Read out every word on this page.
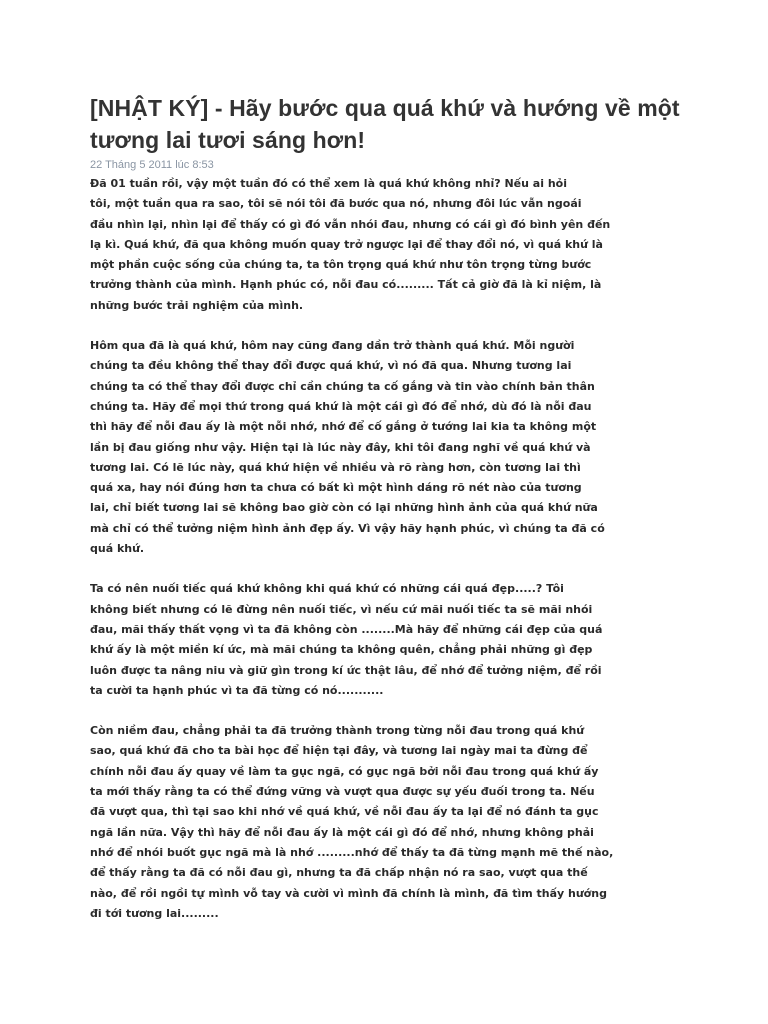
[NHẬT KÝ] - Hãy bước qua quá khứ và hướng về một tương lai tươi sáng hơn!
22 Tháng 5 2011 lúc 8:53

Đã 01 tuần rồi, vậy một tuần đó có thể xem là quá khứ không nhỉ? Nếu ai hỏi
tôi, một tuần qua ra sao, tôi sẽ nói tôi đã bước qua nó, nhưng đôi lúc vẫn ngoái
đầu nhìn lại, nhìn lại để thấy có gì đó vẫn nhói đau, nhưng có cái gì đó bình yên đến
lạ kì. Quá khứ, đã qua không muốn quay trở ngược lại để thay đổi nó, vì quá khứ là
một phần cuộc sống của chúng ta, ta tôn trọng quá khứ như tôn trọng từng bước
trưởng thành của mình. Hạnh phúc có, nỗi đau có......... Tất cả giờ đã là kỉ niệm, là
những bước trải nghiệm của mình.

Hôm qua đã là quá khứ, hôm nay cũng đang dần trở thành quá khứ. Mỗi người
chúng ta đều không thể thay đổi được quá khứ, vì nó đã qua. Nhưng tương lai
chúng ta có thể thay đổi được chỉ cần chúng ta cố gắng và tin vào chính bản thân
chúng ta. Hãy để mọi thứ trong quá khứ là một cái gì đó để nhớ, dù đó là nỗi đau
thì hãy để nỗi đau ấy là một nỗi nhớ, nhớ để cố gắng ở tướng lai kia ta không một
lần bị đau giống như vậy. Hiện tại là lúc này đây, khi tôi đang nghĩ về quá khứ và
tương lai. Có lẽ lúc này, quá khứ hiện về nhiều và rõ ràng hơn, còn tương lai thì
quá xa, hay nói đúng hơn ta chưa có bất kì một hình dáng rõ nét nào của tương
lai, chỉ biết tương lai sẽ không bao giờ còn có lại những hình ảnh của quá khứ nữa
mà chỉ có thể tưởng niệm hình ảnh đẹp ấy. Vì vậy hãy hạnh phúc, vì chúng ta đã có
quá khứ.

Ta có nên nuối tiếc quá khứ không khi quá khứ có những cái quá đẹp.....? Tôi
không biết nhưng có lẽ đừng nên nuối tiếc, vì nếu cứ mãi nuối tiếc ta sẽ mãi nhói
đau, mãi thấy thất vọng vì ta đã không còn ........Mà hãy để những cái đẹp của quá
khứ ấy là một miền kí ức, mà mãi chúng ta không quên, chẳng phải những gì đẹp
luôn được ta nâng niu và giữ gìn trong kí ức thật lâu, để nhớ để tưởng niệm, để rồi
ta cười ta hạnh phúc vì ta đã từng có nó...........

Còn niềm đau, chẳng phải ta đã trưởng thành trong từng nỗi đau trong quá khứ
sao, quá khứ đã cho ta bài học để hiện tại đây, và tương lai ngày mai ta đừng để
chính nỗi đau ấy quay về làm ta gục ngã, có gục ngã bởi nỗi đau trong quá khứ ấy
ta mới thấy rằng ta có thể đứng vững và vượt qua được sự yếu đuối trong ta. Nếu
đã vượt qua, thì tại sao khi nhớ về quá khứ, về nỗi đau ấy ta lại để nó đánh ta gục
ngã lần nữa. Vậy thì hãy để nỗi đau ấy là một cái gì đó để nhớ, nhưng không phải
nhớ để nhói buốt gục ngã mà là nhớ .........nhớ để thấy ta đã từng mạnh mẽ thế nào,
để thấy rằng ta đã có nỗi đau gì, nhưng ta đã chấp nhận nó ra sao, vượt qua thế
nào, để rồi ngồi tự mình vỗ tay và cười vì mình đã chính là mình, đã tìm thấy hướng
đi tới tương lai.........
